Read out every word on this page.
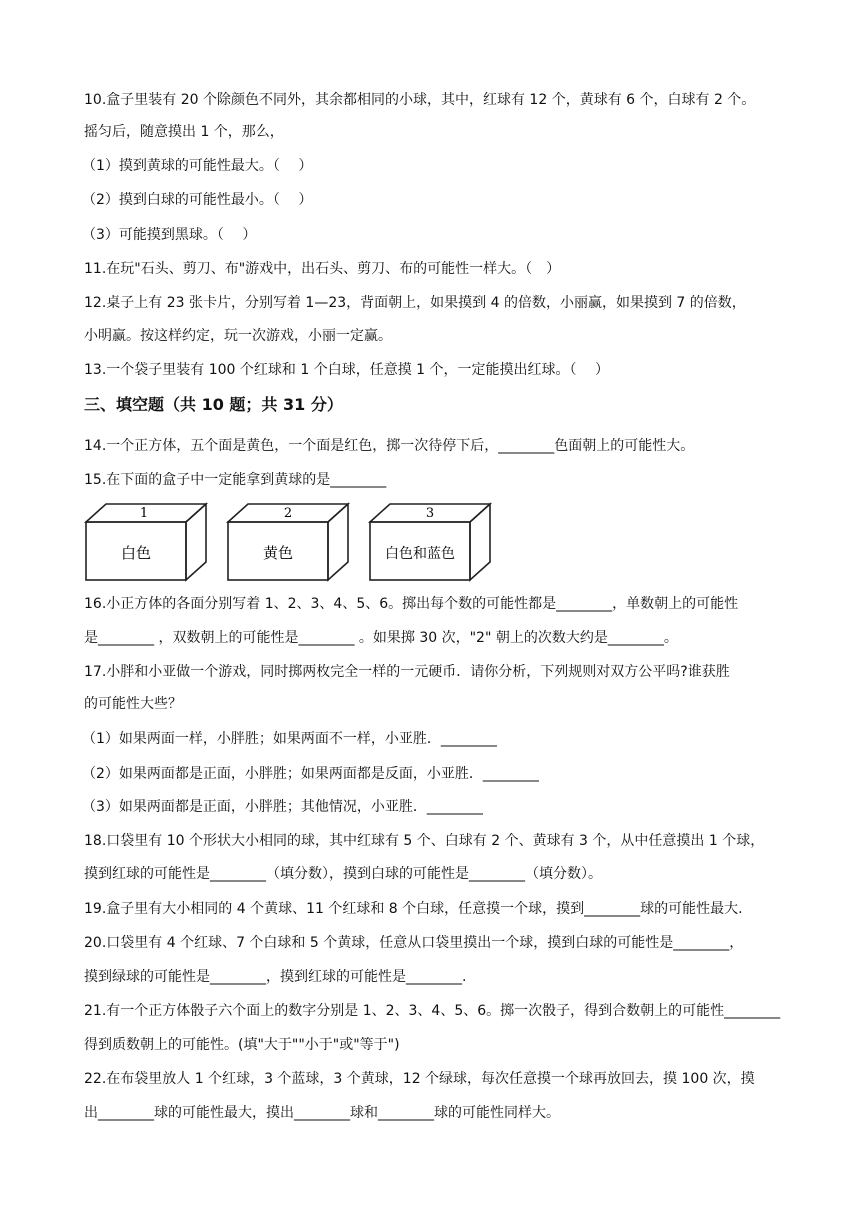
10.盒子里装有 20 个除颜色不同外，其余都相同的小球，其中，红球有 12 个，黄球有 6 个，白球有 2 个。
摇匀后，随意摸出 1 个，那么，
（1）摸到黄球的可能性最大。（　 ）
（2）摸到白球的可能性最小。（　 ）
（3）可能摸到黑球。（　 ）
11.在玩"石头、剪刀、布"游戏中，出石头、剪刀、布的可能性一样大。（　）
12.桌子上有 23 张卡片，分别写着 1—23，背面朝上，如果摸到 4 的倍数，小丽赢，如果摸到 7 的倍数，
小明赢。按这样约定，玩一次游戏，小丽一定赢。
13.一个袋子里装有 100 个红球和 1 个白球，任意摸 1 个，一定能摸出红球。（　 ）
三、填空题（共 10 题；共 31 分）
14.一个正方体，五个面是黄色，一个面是红色，掷一次待停下后，________色面朝上的可能性大。
15.在下面的盒子中一定能拿到黄球的是________
1
白色
2
黄色
3
白色和蓝色
16.小正方体的各面分别写着 1、2、3、4、5、6。掷出每个数的可能性都是________，单数朝上的可能性
是________ ，双数朝上的可能性是________ 。如果掷 30 次，"2" 朝上的次数大约是________。
17.小胖和小亚做一个游戏，同时掷两枚完全一样的一元硬币．请你分析，下列规则对双方公平吗?谁获胜
的可能性大些？
（1）如果两面一样，小胖胜；如果两面不一样，小亚胜．________
（2）如果两面都是正面，小胖胜；如果两面都是反面，小亚胜．________
（3）如果两面都是正面，小胖胜；其他情况，小亚胜．________
18.口袋里有 10 个形状大小相同的球，其中红球有 5 个、白球有 2 个、黄球有 3 个，从中任意摸出 1 个球，
摸到红球的可能性是________（填分数），摸到白球的可能性是________（填分数）。
19.盒子里有大小相同的 4 个黄球、11 个红球和 8 个白球，任意摸一个球，摸到________球的可能性最大.
20.口袋里有 4 个红球、7 个白球和 5 个黄球，任意从口袋里摸出一个球，摸到白球的可能性是________，
摸到绿球的可能性是________，摸到红球的可能性是________.
21.有一个正方体骰子六个面上的数字分别是 1、2、3、4、5、6。掷一次骰子，得到合数朝上的可能性________
得到质数朝上的可能性。(填"大于""小于"或"等于")
22.在布袋里放人 1 个红球，3 个蓝球，3 个黄球，12 个绿球，每次任意摸一个球再放回去，摸 100 次，摸
出________球的可能性最大，摸出________球和________球的可能性同样大。
